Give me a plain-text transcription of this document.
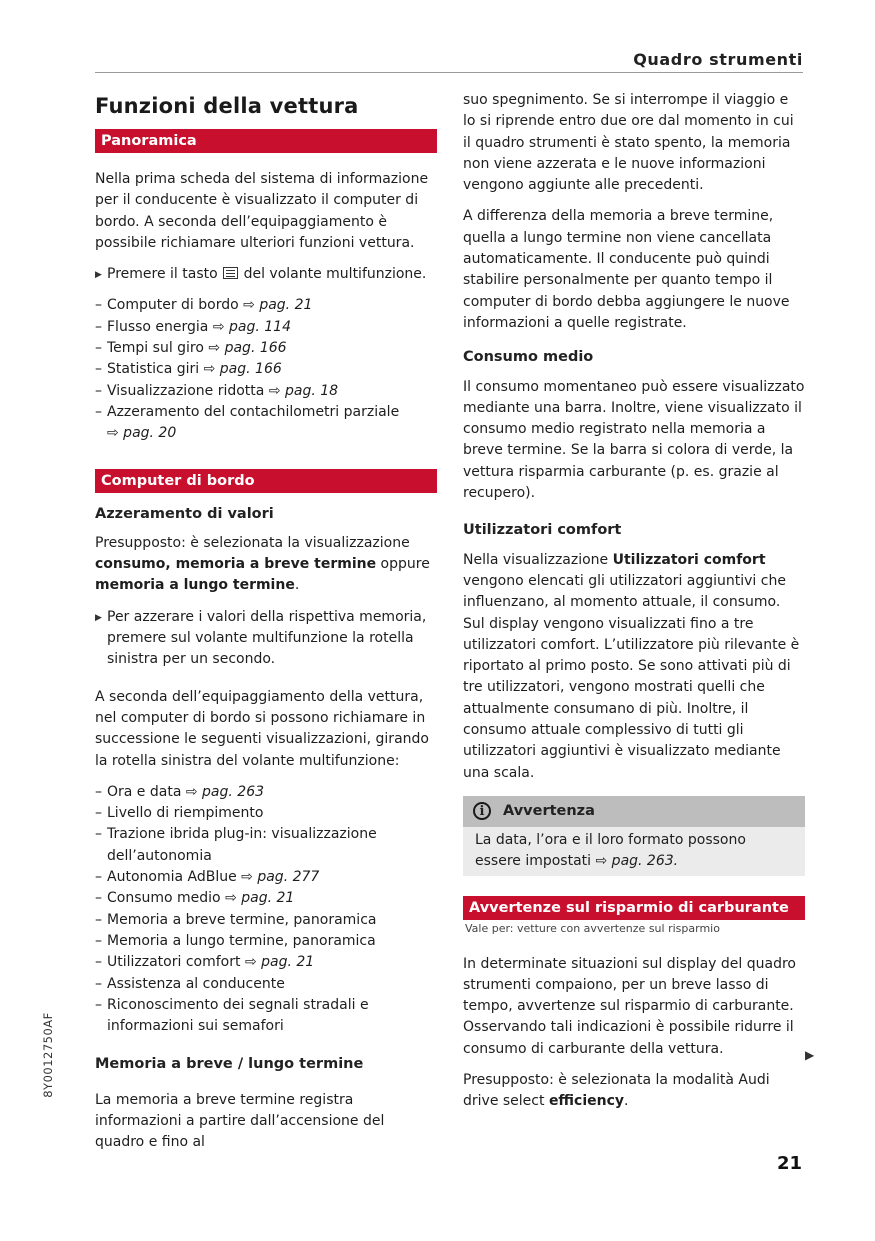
Quadro strumenti
Funzioni della vettura
Panoramica

Nella prima scheda del sistema di informazione per il conducente è visualizzato il computer di bordo. A seconda dell’equipaggiamento è possibile richiamare ulteriori funzioni vettura.

▶ Premere il tasto del volante multifunzione.
– Computer di bordo ⇨ pag. 21
– Flusso energia ⇨ pag. 114
– Tempi sul giro ⇨ pag. 166
– Statistica giri ⇨ pag. 166
– Visualizzazione ridotta ⇨ pag. 18
– Azzeramento del contachilometri parziale
⇨ pag. 20
Computer di bordo
Azzeramento di valori

Presupposto: è selezionata la visualizzazione consumo, memoria a breve termine oppure memoria a lungo termine.

▶ Per azzerare i valori della rispettiva memoria, premere sul volante multifunzione la rotella sinistra per un secondo.

A seconda dell’equipaggiamento della vettura, nel computer di bordo si possono richiamare in successione le seguenti visualizzazioni, girando la rotella sinistra del volante multifunzione:

– Ora e data ⇨ pag. 263
– Livello di riempimento
– Trazione ibrida plug-in: visualizzazione dell’autonomia
– Autonomia AdBlue ⇨ pag. 277
– Consumo medio ⇨ pag. 21
– Memoria a breve termine, panoramica
– Memoria a lungo termine, panoramica
– Utilizzatori comfort ⇨ pag. 21
– Assistenza al conducente
– Riconoscimento dei segnali stradali e informazioni sui semafori
Memoria a breve / lungo termine

La memoria a breve termine registra informazioni a partire dall’accensione del quadro e fino al

suo spegnimento. Se si interrompe il viaggio e lo si riprende entro due ore dal momento in cui il quadro strumenti è stato spento, la memoria non viene azzerata e le nuove informazioni vengono aggiunte alle precedenti.

A differenza della memoria a breve termine, quella a lungo termine non viene cancellata automaticamente. Il conducente può quindi stabilire personalmente per quanto tempo il computer di bordo debba aggiungere le nuove informazioni a quelle registrate.

Consumo medio

Il consumo momentaneo può essere visualizzato mediante una barra. Inoltre, viene visualizzato il consumo medio registrato nella memoria a breve termine. Se la barra si colora di verde, la vettura risparmia carburante (p. es. grazie al recupero).

Utilizzatori comfort

Nella visualizzazione Utilizzatori comfort vengono elencati gli utilizzatori aggiuntivi che influenzano, al momento attuale, il consumo. Sul display vengono visualizzati fino a tre utilizzatori comfort. L’utilizzatore più rilevante è riportato al primo posto. Se sono attivati più di tre utilizzatori, vengono mostrati quelli che attualmente consumano di più. Inoltre, il consumo attuale complessivo di tutti gli utilizzatori aggiuntivi è visualizzato mediante una scala.

i	Avvertenza
La data, l’ora e il loro formato possono essere impostati ⇨ pag. 263.
Avvertenze sul risparmio di carburante
Vale per: vetture con avvertenze sul risparmio

In determinate situazioni sul display del quadro strumenti compaiono, per un breve lasso di tempo, avvertenze sul risparmio di carburante. Osservando tali indicazioni è possibile ridurre il consumo di carburante della vettura.

Presupposto: è selezionata la modalità Audi drive select efficiency.

▶
8Y0012750AF
21
